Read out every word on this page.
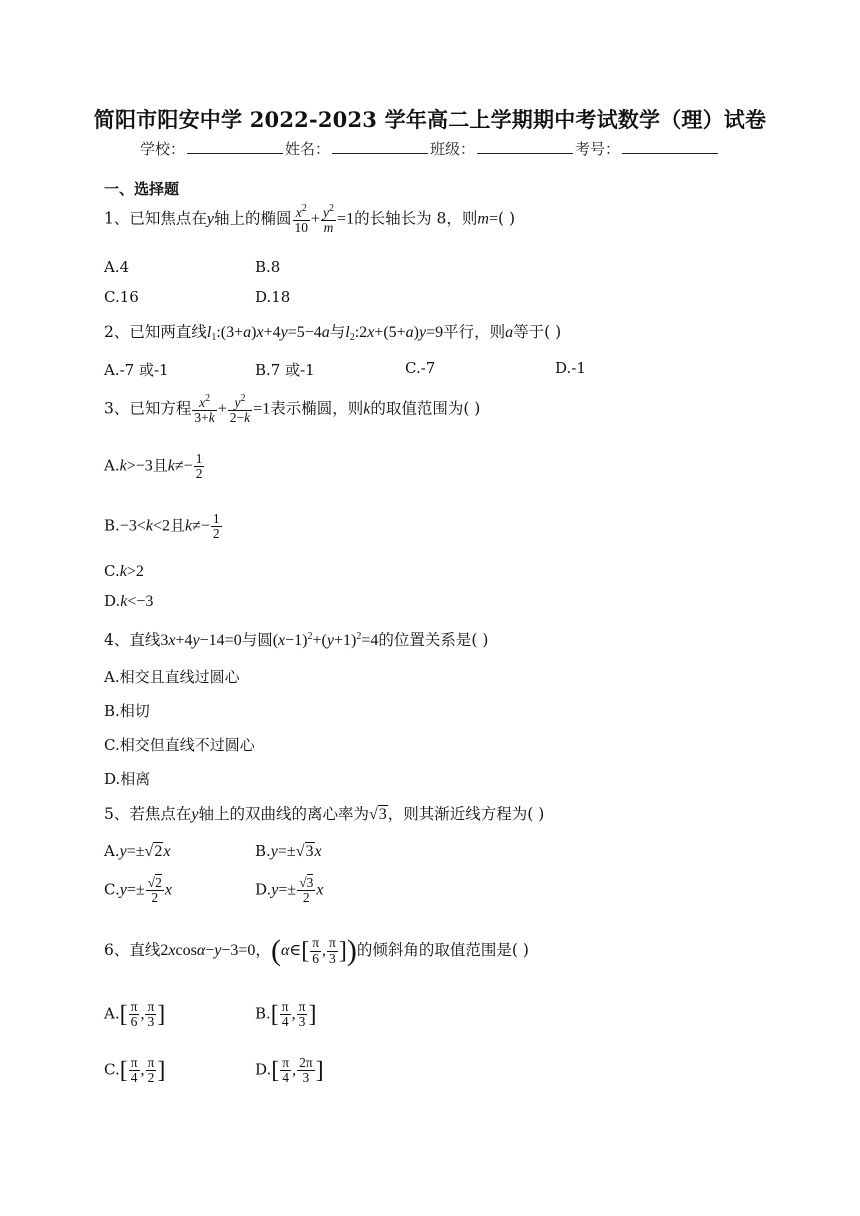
简阳市阳安中学 2022-2023 学年高二上学期期中考试数学（理）试卷
学校：	姓名：	班级：	考号：
一、选择题
1、已知焦点在y轴上的椭圆 $\frac{x^2}{10} + \frac{y^2}{m} =1$的长轴长为 8，则m=( )
A.4	B.8
C.16	D.18
2、已知两直线$l_1:(3+a)x+4y=5-4a$与$l_2:2x+(5+a)y=9$平行，则a等于( )
A.-7 或-1	B.7 或-1	C.-7	D.-1
3、已知方程 $\frac{x^2}{3+k} + \frac{y^2}{2-k} =1$表示椭圆，则k的取值范围为( )
A.k>−3且$k\ne- \frac{1}{2}$
B.−3<k<2且$k\ne- \frac{1}{2}$
C.k>2
D.k<−3
4、直线3x+4y−14=0与圆$(x-1)^2+(y+1)^2=4$的位置关系是( )
A.相交且直线过圆心
B.相切
C.相交但直线不过圆心
D.相离
5、若焦点在y轴上的双曲线的离心率为√3，则其渐近线方程为( )
A.y=±√2x	B.y=±√3x
$C.y=\pm \frac{√2}{2}$ x	$D.y=\pm \frac{√3}{2}$ x
6、直线2xcosα−y−3=0，(α∈[ $\frac{\pi}{6}$ , $\frac{\pi}{3}$ ])的倾斜角的取值范围是( )
$A.[ \frac{\pi}{6}$ , $\frac{\pi}{3}$ ]	$B.[ \frac{\pi}{4}$ , $\frac{\pi}{3}$ ]
$C.[ \frac{\pi}{4}$ , $\frac{\pi}{2}$ ]	$D.[ \frac{\pi}{4}$ , $\frac{2\pi}{3}$ ]
